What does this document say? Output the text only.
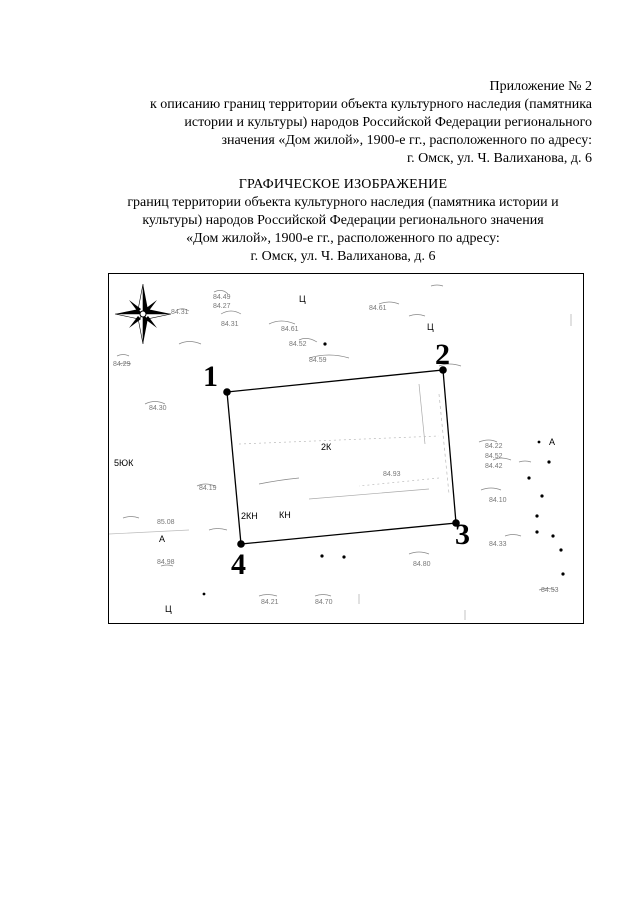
Приложение № 2
к описанию границ территории объекта культурного наследия (памятника
истории и культуры) народов Российской Федерации регионального
значения «Дом жилой», 1900-е гг., расположенного по адресу:
г. Омск, ул. Ч. Валиханова, д. 6
ГРАФИЧЕСКОЕ ИЗОБРАЖЕНИЕ
границ территории объекта культурного наследия (памятника истории и
культуры) народов Российской Федерации регионального значения
«Дом жилой», 1900-е гг., расположенного по адресу:
г. Омск, ул. Ч. Валиханова, д. 6
84.49
84.27
84.31
84.31
84.61
84.52
84.59
84.61
84.29
84.30
84.19
84.93
84.22
84.52
84.42
84.10
84.33
85.08
84.98
84.21	84.70
84.80
84.53
1
2
3
4
2К
2КН КН
5ЮК
А
А
Ц
Ц
Ц
